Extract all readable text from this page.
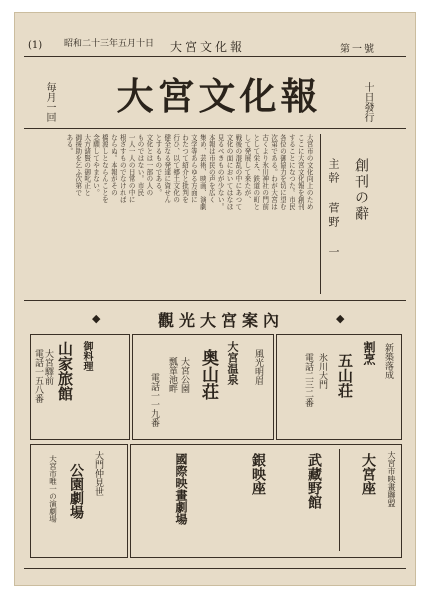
(1) 昭和二十三年五月十日 大宮文化報	第一號
大宮文化報
毎月一回	十日發行
創刊の辭
主幹 菅野 一
大宮市の文化向上のため
ここに大宮文化報を創刊
することになつた。市民
各位の御協力を切に望む
次第である。わが大宮は
古くより氷川神社の門前
として栄え、鉄道の町と
して発展して来たが、
戦後の混乱の中にあつて
文化の面においてはなほ
見るべきものが少ない。
本報は市民の声を広く
集め、芸術、映画、演劇
文学等あらゆる方面に
わたつて紹介と批判を
行ひ、以て郷土文化の
健全なる発達に資せん
とするものである。
文化とは一部の人の
ものではない。市民
一人一人の日常の中に
根ざすものでなければ
ならぬ。本報がその
橋渡しとならんことを
念願してやまない。
大方諸賢の御叱正と
御援助を乞ふ次第で
ある。
◆	觀光大宮案內	◆
御料理
山家旅館
大宮驛前
電話一五八番	大宮温泉
奥山荘	風光明眉
大宮公園
瓢箪池畔
電話一一九番
新築落成
割烹
五山荘
氷川大門
電話二三二番
大門仲見世
公園劇場
大宮市唯一の演劇場	大宮座
武藏野館
銀映座
國際映畫劇場	大宮市映畫聯盟
